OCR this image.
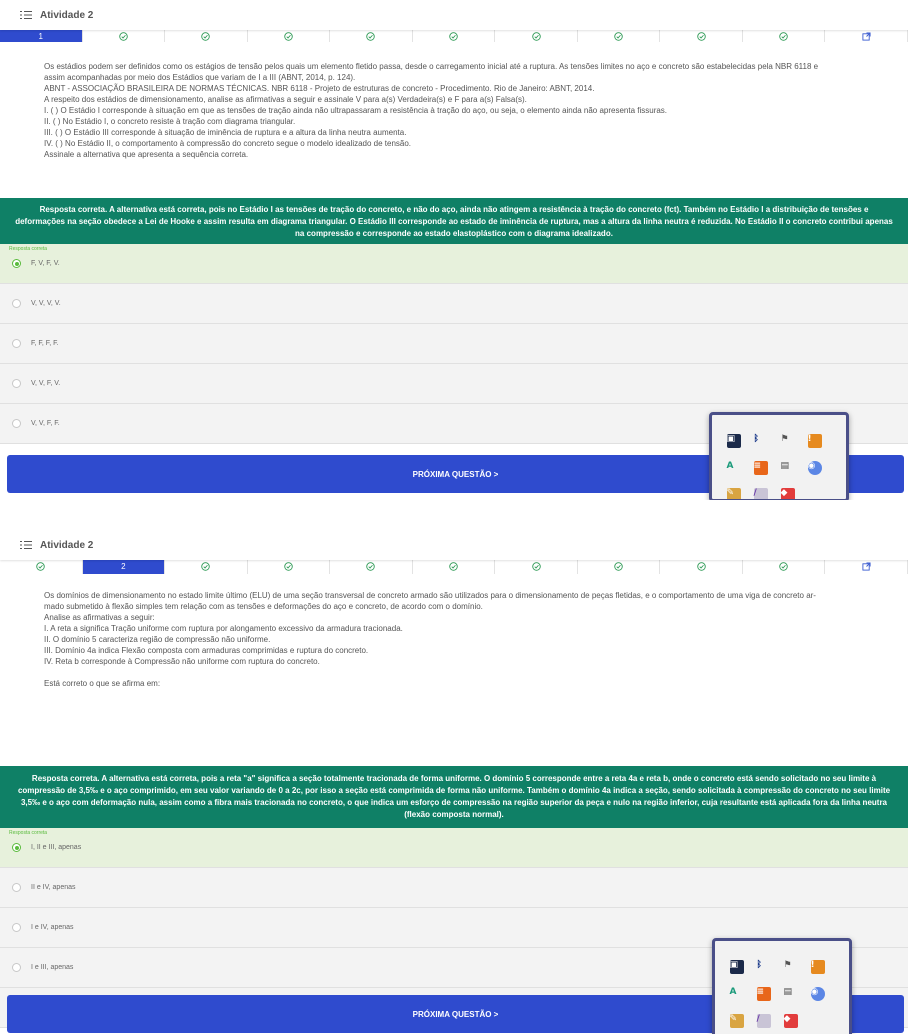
Atividade 2
1

Os estádios podem ser definidos como os estágios de tensão pelos quais um elemento fletido passa, desde o carregamento inicial até a ruptura. As tensões limites no aço e concreto são estabelecidas pela NBR 6118 e

assim acompanhadas por meio dos Estádios que variam de I a III (ABNT, 2014, p. 124).

ABNT - ASSOCIAÇÃO BRASILEIRA DE NORMAS TÉCNICAS. NBR 6118 - Projeto de estruturas de concreto - Procedimento. Rio de Janeiro: ABNT, 2014.

A respeito dos estádios de dimensionamento, analise as afirmativas a seguir e assinale V para a(s) Verdadeira(s) e F para a(s) Falsa(s).

I. ( ) O Estádio I corresponde à situação em que as tensões de tração ainda não ultrapassaram a resistência à tração do aço, ou seja, o elemento ainda não apresenta fissuras.

II. ( ) No Estádio I, o concreto resiste à tração com diagrama triangular.

III. ( ) O Estádio III corresponde à situação de iminência de ruptura e a altura da linha neutra aumenta.

IV. ( ) No Estádio II, o comportamento à compressão do concreto segue o modelo idealizado de tensão.

Assinale a alternativa que apresenta a sequência correta.

Resposta correta. A alternativa está correta, pois no Estádio I as tensões de tração do concreto, e não do aço, ainda não atingem a resistência à tração do concreto (fct). Também no Estádio I a distribuição de tensões e deformações na seção obedece a Lei de Hooke e assim resulta em diagrama triangular. O Estádio III corresponde ao estado de iminência de ruptura, mas a altura da linha neutra é reduzida. No Estádio II o concreto contribui apenas na compressão e corresponde ao estado elastoplástico com o diagrama idealizado.
Resposta correta
F, V, F, V.
V, V, V, V.
F, F, F, F.
V, V, F, V.
V, V, F, F.
PRÓXIMA QUESTÃO >
▣	ᛒ	⚑	!
A	≡	▤	◉
✎	/	◆
Atividade 2
2

Os domínios de dimensionamento no estado limite último (ELU) de uma seção transversal de concreto armado são utilizados para o dimensionamento de peças fletidas, e o comportamento de uma viga de concreto ar-

mado submetido à flexão simples tem relação com as tensões e deformações do aço e concreto, de acordo com o domínio.

Analise as afirmativas a seguir:

I. A reta a significa Tração uniforme com ruptura por alongamento excessivo da armadura tracionada.

II. O domínio 5 caracteriza região de compressão não uniforme.

III. Domínio 4a indica Flexão composta com armaduras comprimidas e ruptura do concreto.

IV. Reta b corresponde à Compressão não uniforme com ruptura do concreto.

Está correto o que se afirma em:

Resposta correta. A alternativa está correta, pois a reta "a" significa a seção totalmente tracionada de forma uniforme. O domínio 5 corresponde entre a reta 4a e reta b, onde o concreto está sendo solicitado no seu limite à compressão de 3,5‰ e o aço comprimido, em seu valor variando de 0 a 2c, por isso a seção está comprimida de forma não uniforme. Também o domínio 4a indica a seção, sendo solicitada à compressão do concreto no seu limite 3,5‰ e o aço com deformação nula, assim como a fibra mais tracionada no concreto, o que indica um esforço de compressão na região superior da peça e nulo na região inferior, cuja resultante está aplicada fora da linha neutra (flexão composta normal).
Resposta correta
I, II e III, apenas
II e IV, apenas
I e IV, apenas
I e III, apenas
PRÓXIMA QUESTÃO >
▣	ᛒ	⚑	!
A	≡	▤	◉
✎	/	◆
